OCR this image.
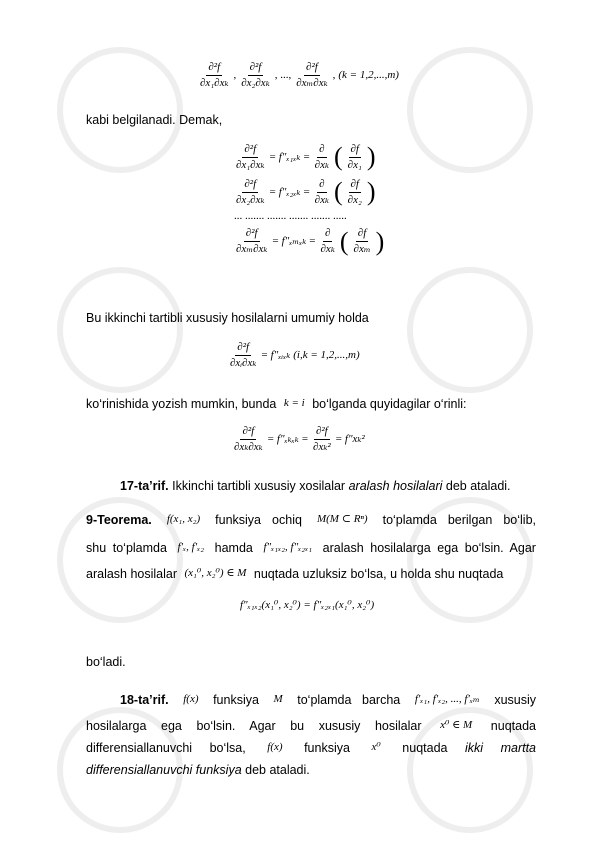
$\frac{\text{∂²f}}{\text{∂x₁∂xₖ}}$ , $\frac{\text{∂²f}}{\text{∂x₂∂xₖ}}$ , ..., $\frac{\text{∂²f}}{\text{∂xₘ∂xₖ}}$ , (k = 1,2,...,m)
kabi belgilanadi. Demak,
$\frac{\text{∂²f}}{\text{∂x₁∂xₖ}} = f''_{x1xk} = \frac{\partial}{\text{∂xₖ}}$ ( $\frac{\partial f}{\text{∂x₁}}$ )
$\frac{\text{∂²f}}{\text{∂x₂∂xₖ}} = f''_{x2xk} = \frac{\partial}{\text{∂xₖ}}$ ( $\frac{\partial f}{\text{∂x₂}}$ )
... ....... ....... ....... ....... .....
$\frac{\text{∂²f}}{\text{∂xₘ∂xₖ}} = f''_{xmxk} = \frac{\partial}{\text{∂xₖ}}$ ( $\frac{\partial f}{\text{∂xₘ}}$ )
Bu ikkinchi tartibli xususiy hosilalarni umumiy holda
$\frac{\text{∂²f}}{\text{∂xᵢ∂xₖ}}$ = f″ₓᵢₓₖ (i,k = 1,2,...,m)
ko‘rinishida yozish mumkin, bunda k = i bo‘lganda quyidagilar o‘rinli:
$\frac{\text{∂²f}}{\text{∂xₖ∂xₖ}} = f''_{xkxk} = \frac{\text{∂²f}}{\text{∂xₖ²}} = f''x_k^2$
17-ta’rif. Ikkinchi tartibli xususiy xosilalar aralash hosilalari deb ataladi.
9-Teorema. f(x₁, x₂) funksiya ochiq M(M ⊂ Rⁿ) to‘plamda berilgan bo‘lib,
shu to‘plamda f′ₓ, f′ₓ₂ hamda f″ₓ₁ₓ₂, f″ₓ₂ₓ₁ aralash hosilalarga ega bo‘lsin. Agar
aralash hosilalar (x₁⁰, x₂⁰) ∈ M nuqtada uzluksiz bo‘lsa, u holda shu nuqtada
f″ₓ₁ₓ₂(x₁⁰, x₂⁰) = f″ₓ₂ₓ₁(x₁⁰, x₂⁰)
bo‘ladi.
18-ta’rif. f(x) funksiya M to‘plamda barcha f′ₓ₁, f′ₓ₂, ..., f′ₓₘ xususiy
hosilalarga ega bo‘lsin. Agar bu xususiy hosilalar x⁰ ∈ M nuqtada
differensiallanuvchi bo‘lsa, f(x) funksiya x⁰ nuqtada ikki martta
differensiallanuvchi funksiya deb ataladi.
